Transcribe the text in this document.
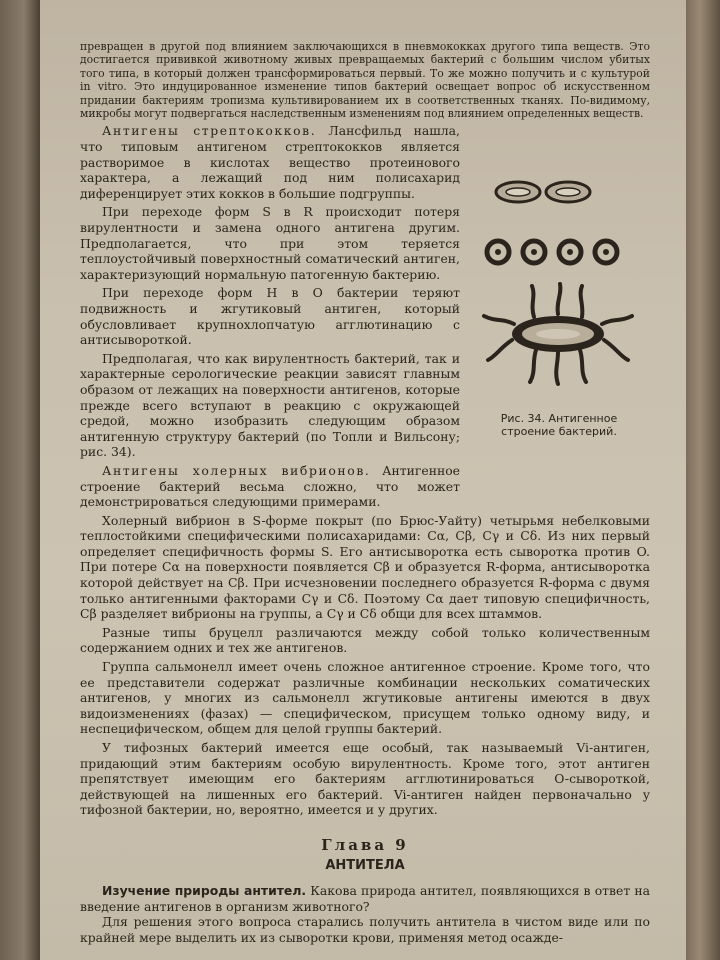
превращен в другой под влиянием заключающихся в пневмококках другого типа веществ. Это достигается прививкой животному живых превращаемых бактерий с большим числом убитых того типа, в который должен трансформироваться первый. То же можно получить и с культурой in vitro. Это индуцированное изменение типов бактерий освещает вопрос об искусственном придании бактериям тропизма культивированием их в соответственных тканях. По-видимому, микробы могут подвергаться наследственным изменениям под влиянием определенных веществ.

Антигены стрептококков. Лансфильд нашла, что типовым антигеном стрептококков является растворимое в кислотах вещество протеинового характера, а лежащий под ним полисахарид диференцирует этих кокков в большие подгруппы.

При переходе форм S в R происходит потеря вирулентности и замена одного антигена другим. Предполагается, что при этом теряется теплоустойчивый поверхностный соматический антиген, характеризующий нормальную патогенную бактерию.

При переходе форм H в O бактерии теряют подвижность и жгутиковый антиген, который обусловливает крупнохлопчатую агглютинацию с антисывороткой.

Предполагая, что как вирулентность бактерий, так и характерные серологические реакции зависят главным образом от лежащих на поверхности антигенов, которые прежде всего вступают в реакцию с окружающей средой, можно изобразить следующим образом антигенную структуру бактерий (по Топли и Вильсону; рис. 34).

Антигены холерных вибрионов. Антигенное строение бактерий весьма сложно, что может демонстрироваться следующими примерами.

Холерный вибрион в S-форме покрыт (по Брюс-Уайту) четырьмя небелковыми теплостойкими специфическими полисахаридами: Cα, Cβ, Cγ и Cδ. Из них первый определяет специфичность формы S. Его антисыворотка есть сыворотка против O. При потере Cα на поверхности появляется Cβ и образуется R-форма, антисыворотка которой действует на Cβ. При исчезновении последнего образуется R-форма с двумя только антигенными факторами Cγ и Cδ. Поэтому Cα дает типовую специфичность, Cβ разделяет вибрионы на группы, а Cγ и Cδ общи для всех штаммов.

Разные типы бруцелл различаются между собой только количественным содержанием одних и тех же антигенов.

Группа сальмонелл имеет очень сложное антигенное строение. Кроме того, что ее представители содержат различные комбинации нескольких соматических антигенов, у многих из сальмонелл жгутиковые антигены имеются в двух видоизменениях (фазах) — специфическом, присущем только одному виду, и неспецифическом, общем для целой группы бактерий.

У тифозных бактерий имеется еще особый, так называемый Vi-антиген, придающий этим бактериям особую вирулентность. Кроме того, этот антиген препятствует имеющим его бактериям агглютинироваться O-сывороткой, действующей на лишенных его бактерий. Vi-антиген найден первоначально у тифозной бактерии, но, вероятно, имеется и у других.

Глава 9
АНТИТЕЛА

Изучение природы антител. Какова природа антител, появляющихся в ответ на введение антигенов в организм животного?

Для решения этого вопроса старались получить антитела в чистом виде или по крайней мере выделить их из сыворотки крови, применяя метод осажде-

Рис. 34. Антигенное строение бактерий.
